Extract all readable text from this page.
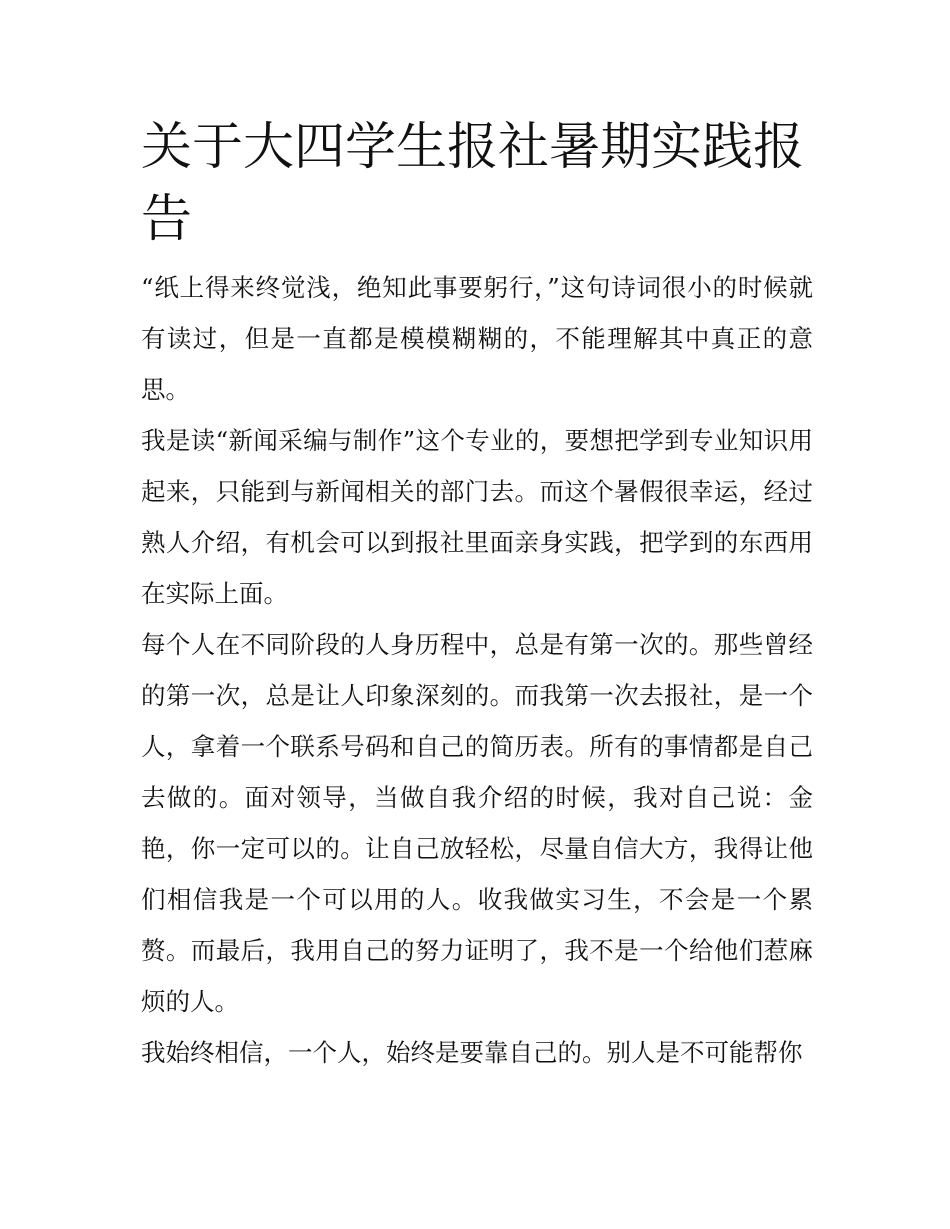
关于大四学生报社暑期实践报告

“纸上得来终觉浅，绝知此事要躬行，”这句诗词很小的时候就有读过，但是一直都是模模糊糊的，不能理解其中真正的意思。

我是读“新闻采编与制作”这个专业的，要想把学到专业知识用起来，只能到与新闻相关的部门去。而这个暑假很幸运，经过熟人介绍，有机会可以到报社里面亲身实践，把学到的东西用在实际上面。

每个人在不同阶段的人身历程中，总是有第一次的。那些曾经的第一次，总是让人印象深刻的。而我第一次去报社，是一个人，拿着一个联系号码和自己的简历表。所有的事情都是自己去做的。面对领导，当做自我介绍的时候，我对自己说：金艳，你一定可以的。让自己放轻松，尽量自信大方，我得让他们相信我是一个可以用的人。收我做实习生，不会是一个累赘。而最后，我用自己的努力证明了，我不是一个给他们惹麻烦的人。

我始终相信，一个人，始终是要靠自己的。别人是不可能帮你
